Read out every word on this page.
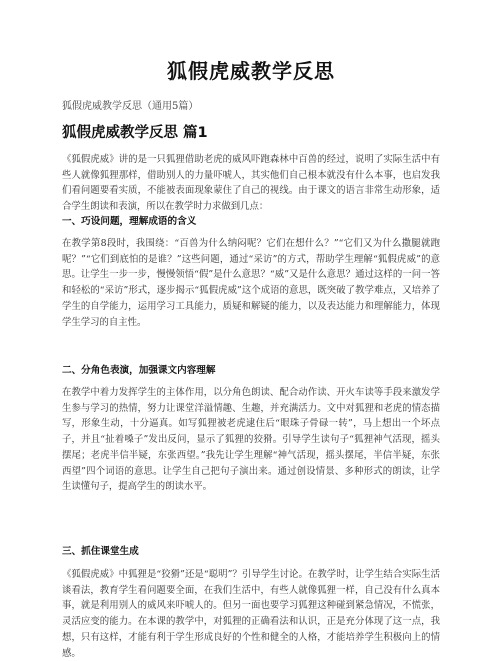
狐假虎威教学反思
狐假虎威教学反思（通用5篇）
狐假虎威教学反思 篇1

《狐假虎威》讲的是一只狐狸借助老虎的威风吓跑森林中百兽的经过，说明了实际生活中有些人就像狐狸那样，借助别人的力量吓唬人，其实他们自己根本就没有什么本事，也启发我们看问题要看实质，不能被表面现象蒙住了自己的视线。由于课文的语言非常生动形象，适合学生朗读和表演，所以在教学时力求做到几点：

一、巧设问题，理解成语的含义

在教学第8段时，我围绕：“百兽为什么纳闷呢？它们在想什么？”“它们又为什么撒腿就跑呢？”“它们到底怕的是谁？”这些问题，通过“采访”的方式，帮助学生理解“狐假虎威”的意思。让学生一步一步，慢慢领悟“假”是什么意思？“威”又是什么意思？通过这样的一问一答和轻松的“采访”形式，逐步揭示“狐假虎威”这个成语的意思，既突破了教学难点，又培养了学生的自学能力，运用学习工具能力，质疑和解疑的能力，以及表达能力和理解能力，体现学生学习的自主性。

二、分角色表演，加强课文内容理解

在教学中着力发挥学生的主体作用，以分角色朗读、配合动作读、开火车读等手段来激发学生参与学习的热情，努力让课堂洋溢情趣、生趣，并充满活力。文中对狐狸和老虎的情态描写，形象生动，十分逼真。如写狐狸被老虎逮住后“眼珠子骨碌一转”，马上想出一个坏点子，并且“扯着嗓子”发出反问，显示了狐狸的狡猾。引导学生读句子“狐狸神气活现，摇头摆尾；老虎半信半疑，东张西望。”我先让学生理解“神气活现，摇头摆尾，半信半疑，东张西望”四个词语的意思。让学生自己把句子演出来。通过创设情景、多种形式的朗读，让学生读懂句子，提高学生的朗读水平。

三、抓住课堂生成

《狐假虎威》中狐狸是“狡猾”还是“聪明”？引导学生讨论。在教学时，让学生结合实际生活谈看法，教育学生看问题要全面，在我们生活中，有些人就像狐狸一样，自己没有什么真本事，就是利用别人的威风来吓唬人的。但另一面也要学习狐狸这种碰到紧急情况，不慌张，灵活应变的能力。在本课的教学中，对狐狸的正确看法和认识，正是充分体现了这一点，我想，只有这样，才能有利于学生形成良好的个性和健全的人格，才能培养学生积极向上的情感。
